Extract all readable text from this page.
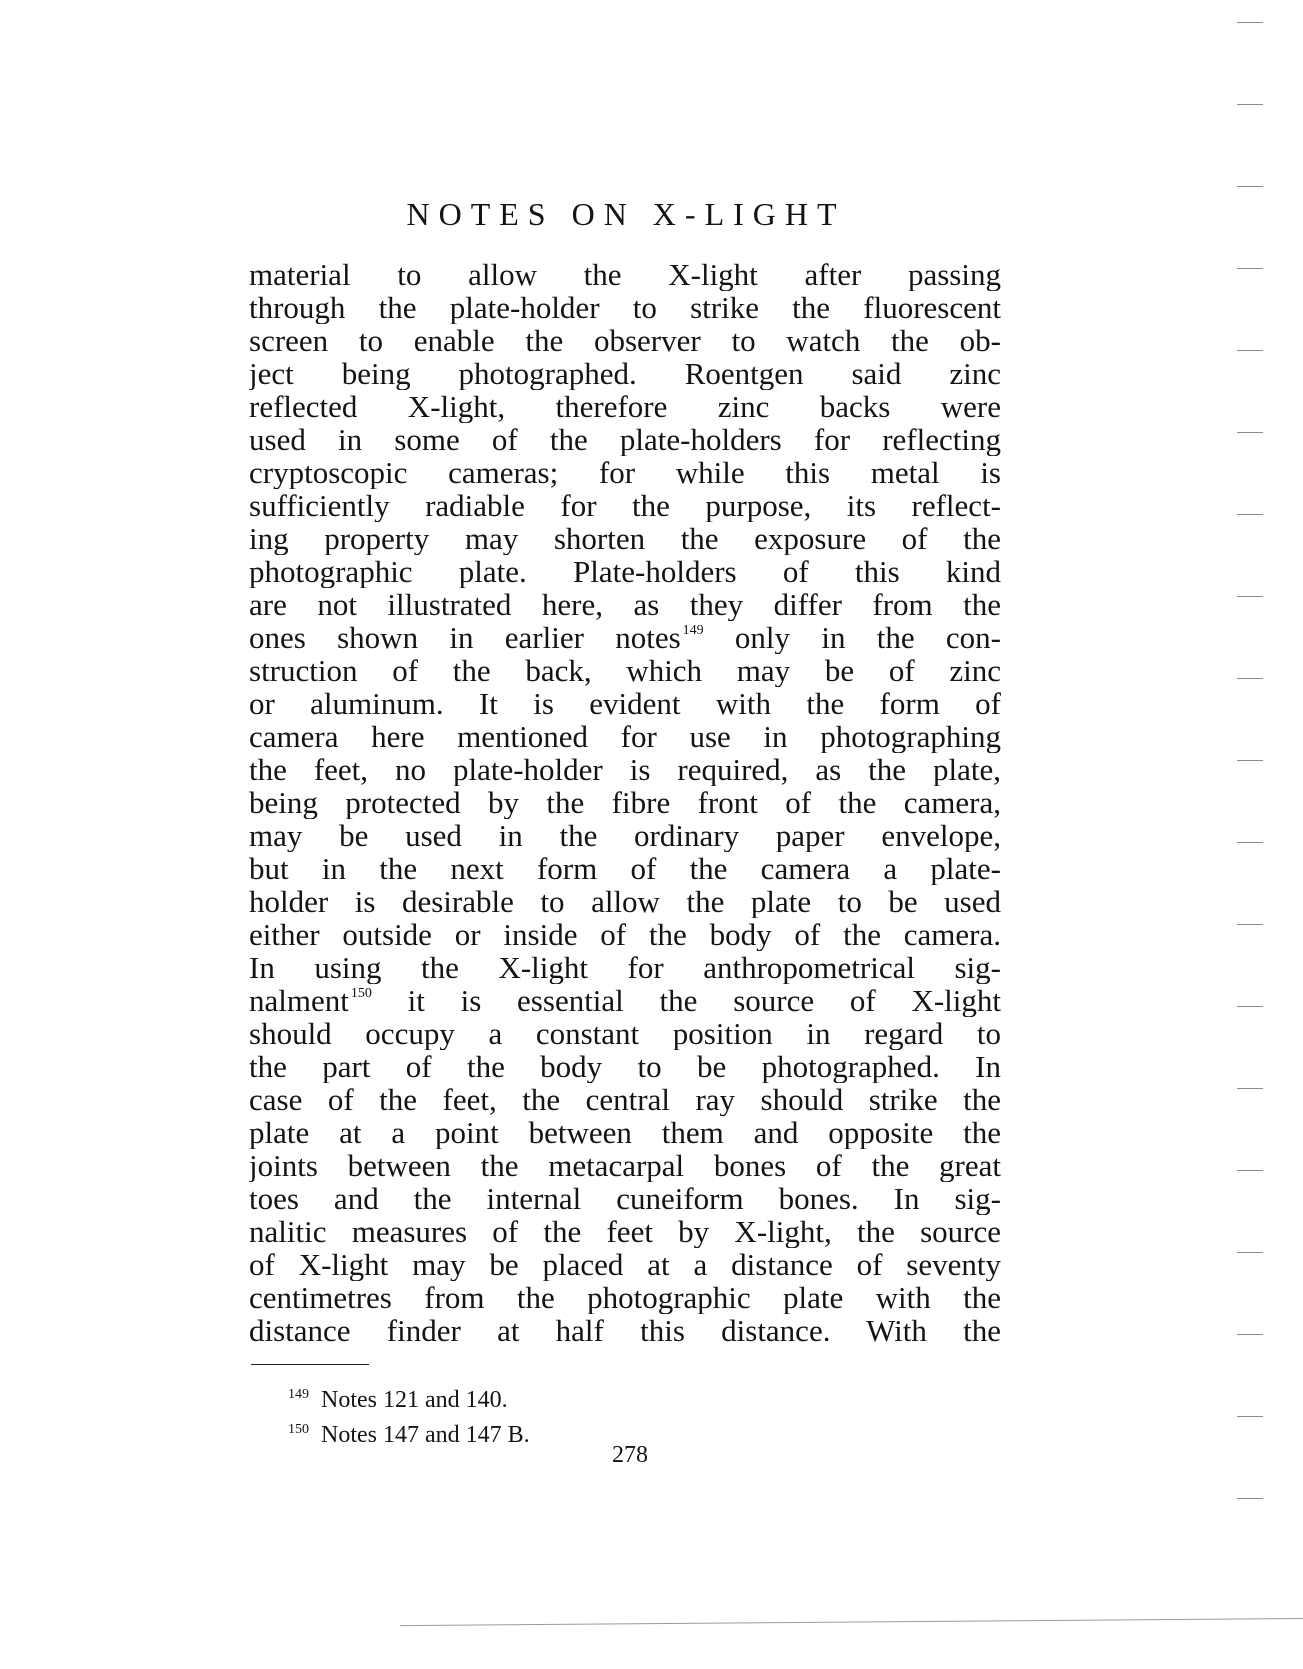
NOTES ON X-LIGHT
material to allow the X-light after passing
through the plate-holder to strike the fluorescent
screen to enable the observer to watch the ob-
ject being photographed. Roentgen said zinc
reflected X-light, therefore zinc backs were
used in some of the plate-holders for reflecting
cryptoscopic cameras; for while this metal is
sufficiently radiable for the purpose, its reflect-
ing property may shorten the exposure of the
photographic plate. Plate-holders of this kind
are not illustrated here, as they differ from the
ones shown in earlier notes $^{149}$ only in the con-
struction of the back, which may be of zinc
or aluminum. It is evident with the form of
camera here mentioned for use in photographing
the feet, no plate-holder is required, as the plate,
being protected by the fibre front of the camera,
may be used in the ordinary paper envelope,
but in the next form of the camera a plate-
holder is desirable to allow the plate to be used
either outside or inside of the body of the camera.
In using the X-light for anthropometrical sig-
nalment $^{150}$ it is essential the source of X-light
should occupy a constant position in regard to
the part of the body to be photographed. In
case of the feet, the central ray should strike the
plate at a point between them and opposite the
joints between the metacarpal bones of the great
toes and the internal cuneiform bones. In sig-
nalitic measures of the feet by X-light, the source
of X-light may be placed at a distance of seventy
centimetres from the photographic plate with the
distance finder at half this distance. With the
$^{149}$ Notes 121 and 140.
$^{150}$ Notes 147 and 147 B.
278
